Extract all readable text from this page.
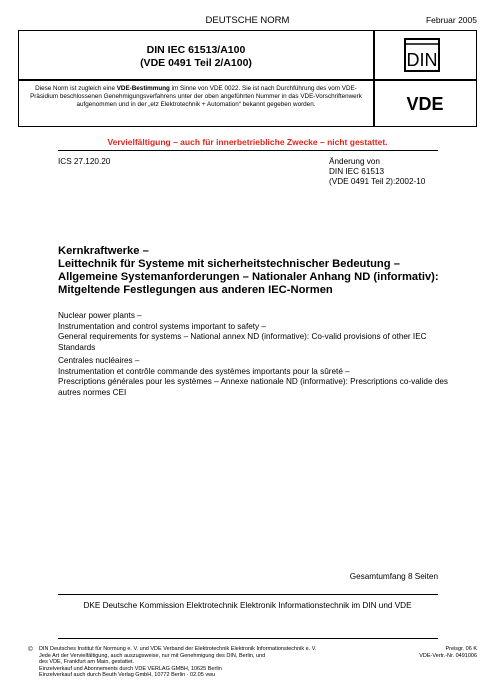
DEUTSCHE NORM	Februar 2005
DIN IEC 61513/A100
(VDE 0491 Teil 2/A100)	DIN
Diese Norm ist zugleich eine VDE-Bestimmung im Sinne von VDE 0022. Sie ist nach Durchführung des vom VDE-Präsidium beschlossenen Genehmigungsverfahrens unter der oben angeführten Nummer in das VDE-Vorschriftenwerk aufgenommen und in der „etz Elektrotechnik + Automation“ bekannt gegeben worden.	VDE
Vervielfältigung – auch für innerbetriebliche Zwecke – nicht gestattet.
ICS 27.120.20	Änderung von
DIN IEC 61513
(VDE 0491 Teil 2):2002-10
Kernkraftwerke –
Leittechnik für Systeme mit sicherheitstechnischer Bedeutung –
Allgemeine Systemanforderungen – Nationaler Anhang ND (informativ):
Mitgeltende Festlegungen aus anderen IEC-Normen
Nuclear power plants –
Instrumentation and control systems important to safety –
General requirements for systems – National annex ND (informative): Co-valid provisions of other IEC Standards
Centrales nucléaires –
Instrumentation et contrôle commande des systèmes importants pour la sûreté –
Prescriptions générales pour les systèmes – Annexe nationale ND (informative): Prescriptions co-valide des autres normes CEI
Gesamtumfang 8 Seiten
DKE Deutsche Kommission Elektrotechnik Elektronik Informationstechnik im DIN und VDE
© DIN Deutsches Institut für Normung e. V. und VDE Verband der Elektrotechnik Elektronik Informationstechnik e. V.
Jede Art der Vervielfältigung, auch auszugsweise, nur mit Genehmigung des DIN, Berlin, und
des VDE, Frankfurt am Main, gestattet.
Einzelverkauf und Abonnements durch VDE VERLAG GMBH, 10625 Berlin
Einzelverkauf auch durch Beuth Verlag GmbH, 10772 Berlin · 02.05 vwu
Preisgr. 06 K
VDE-Vertr.-Nr. 0491006
